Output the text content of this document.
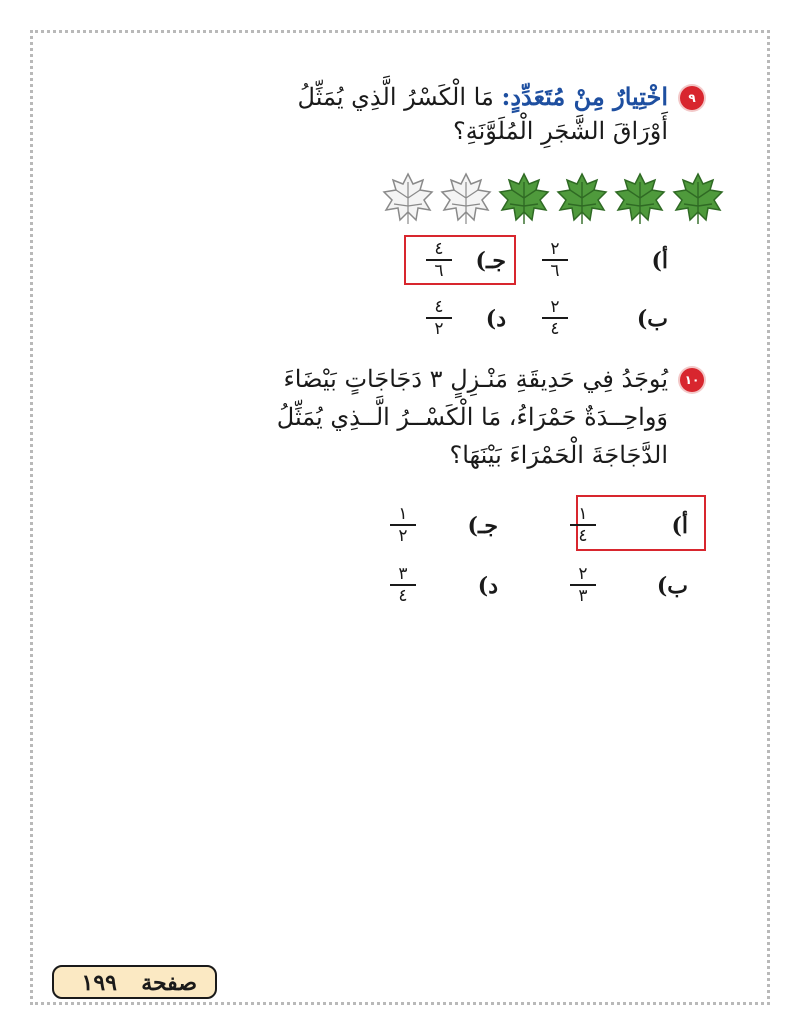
٩
اخْتِيارٌ مِنْ مُتَعَدِّدٍ: مَا الْكَسْرُ الَّذِي يُمَثِّلُ
أَوْرَاقَ الشَّجَرِ الْمُلَوَّنَةِ؟
أ)
٢
٦
جـ)
٤
٦
ب)
٢
٤
د)
٤
٢
١٠
يُوجَدُ فِي حَدِيقَةِ مَنْـزِلٍ ٣ دَجَاجَاتٍ بَيْضَاءَ
وَواحِــدَةٌ حَمْرَاءُ، مَا الْكَسْــرُ الَّــذِي يُمَثِّلُ
الدَّجَاجَةَ الْحَمْرَاءَ بَيْنَهَا؟
أ)
١
٤
جـ)
١
٢
ب)
٢
٣
د)
٣
٤
صفحة
١٩٩
